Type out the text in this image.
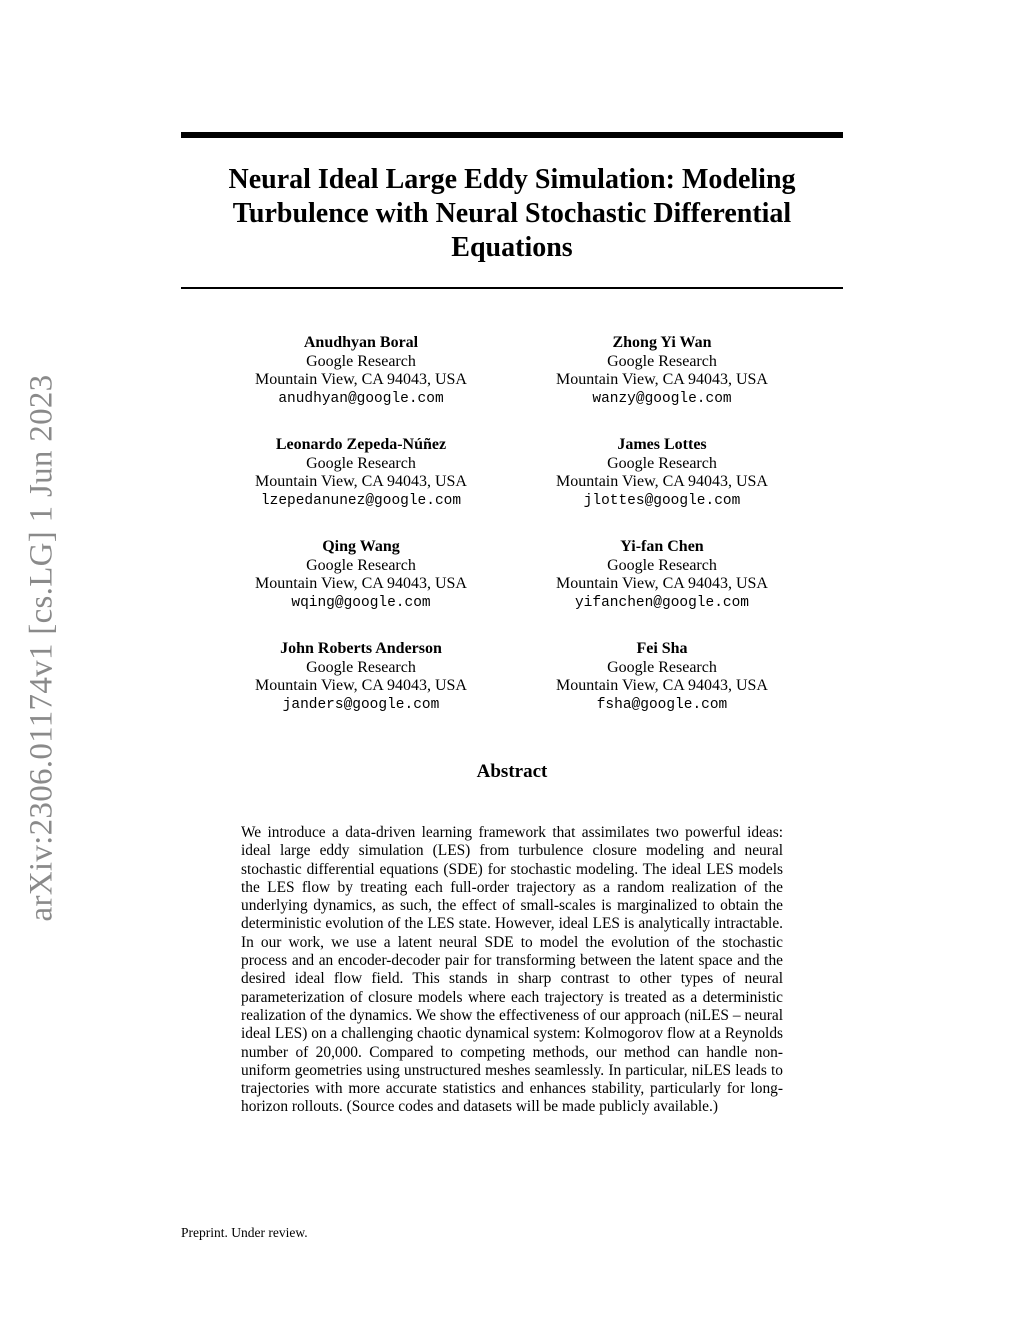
arXiv:2306.01174v1 [cs.LG] 1 Jun 2023
Neural Ideal Large Eddy Simulation: Modeling Turbulence with Neural Stochastic Differential Equations
Anudhyan Boral
Google Research
Mountain View, CA 94043, USA
anudhyan@google.com
Zhong Yi Wan
Google Research
Mountain View, CA 94043, USA
wanzy@google.com
Leonardo Zepeda-Núñez
Google Research
Mountain View, CA 94043, USA
lzepedanunez@google.com
James Lottes
Google Research
Mountain View, CA 94043, USA
jlottes@google.com
Qing Wang
Google Research
Mountain View, CA 94043, USA
wqing@google.com
Yi-fan Chen
Google Research
Mountain View, CA 94043, USA
yifanchen@google.com
John Roberts Anderson
Google Research
Mountain View, CA 94043, USA
janders@google.com
Fei Sha
Google Research
Mountain View, CA 94043, USA
fsha@google.com
Abstract

We introduce a data-driven learning framework that assimilates two powerful ideas: ideal large eddy simulation (LES) from turbulence closure modeling and neural stochastic differential equations (SDE) for stochastic modeling. The ideal LES models the LES flow by treating each full-order trajectory as a random realization of the underlying dynamics, as such, the effect of small-scales is marginalized to obtain the deterministic evolution of the LES state. However, ideal LES is analytically intractable. In our work, we use a latent neural SDE to model the evolution of the stochastic process and an encoder-decoder pair for transforming between the latent space and the desired ideal flow field. This stands in sharp contrast to other types of neural parameterization of closure models where each trajectory is treated as a deterministic realization of the dynamics. We show the effectiveness of our approach (niLES – neural ideal LES) on a challenging chaotic dynamical system: Kolmogorov flow at a Reynolds number of 20,000. Compared to competing methods, our method can handle non-uniform geometries using unstructured meshes seamlessly. In particular, niLES leads to trajectories with more accurate statistics and enhances stability, particularly for long-horizon rollouts. (Source codes and datasets will be made publicly available.)

Preprint. Under review.
